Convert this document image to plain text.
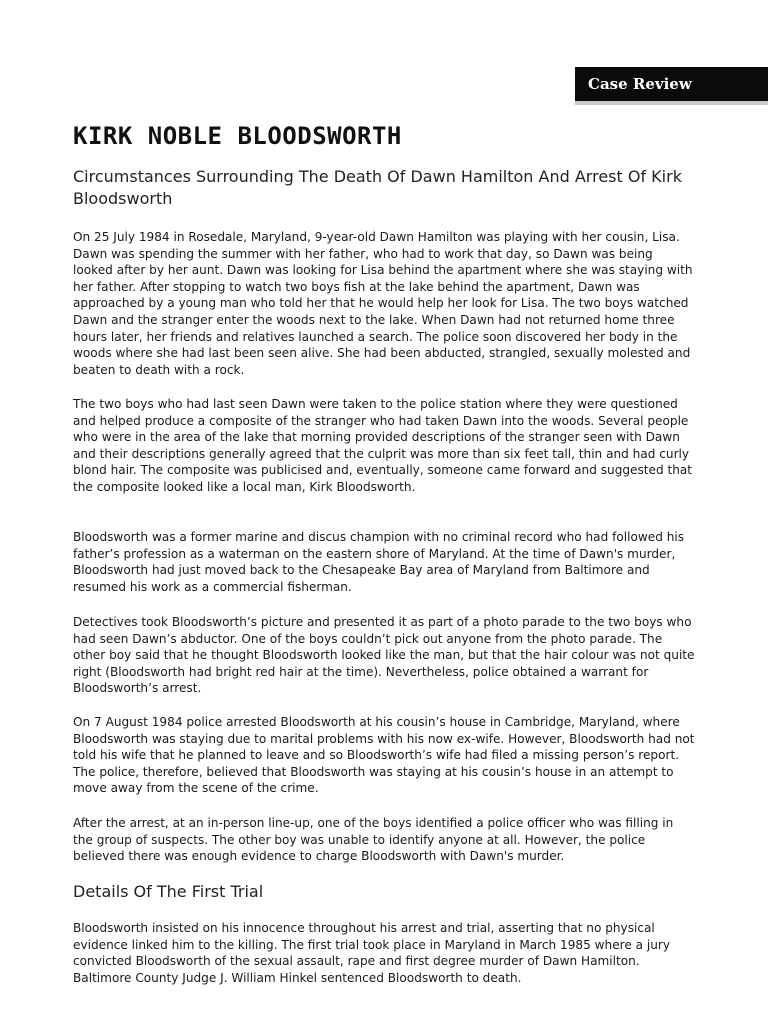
Case Review
KIRK NOBLE BLOODSWORTH
Circumstances Surrounding The Death Of Dawn Hamilton And Arrest Of Kirk Bloodsworth

On 25 July 1984 in Rosedale, Maryland, 9-year-old Dawn Hamilton was playing with her cousin, Lisa. Dawn was spending the summer with her father, who had to work that day, so Dawn was being looked after by her aunt. Dawn was looking for Lisa behind the apartment where she was staying with her father. After stopping to watch two boys fish at the lake behind the apartment, Dawn was approached by a young man who told her that he would help her look for Lisa. The two boys watched Dawn and the stranger enter the woods next to the lake. When Dawn had not returned home three hours later, her friends and relatives launched a search. The police soon discovered her body in the woods where she had last been seen alive. She had been abducted, strangled, sexually molested and beaten to death with a rock.

The two boys who had last seen Dawn were taken to the police station where they were questioned and helped produce a composite of the stranger who had taken Dawn into the woods. Several people who were in the area of the lake that morning provided descriptions of the stranger seen with Dawn and their descriptions generally agreed that the culprit was more than six feet tall, thin and had curly blond hair. The composite was publicised and, eventually, someone came forward and suggested that the composite looked like a local man, Kirk Bloodsworth.

Bloodsworth was a former marine and discus champion with no criminal record who had followed his father’s profession as a waterman on the eastern shore of Maryland. At the time of Dawn's murder, Bloodsworth had just moved back to the Chesapeake Bay area of Maryland from Baltimore and resumed his work as a commercial fisherman.

Detectives took Bloodsworth’s picture and presented it as part of a photo parade to the two boys who had seen Dawn’s abductor. One of the boys couldn’t pick out anyone from the photo parade. The other boy said that he thought Bloodsworth looked like the man, but that the hair colour was not quite right (Bloodsworth had bright red hair at the time). Nevertheless, police obtained a warrant for Bloodsworth’s arrest.

On 7 August 1984 police arrested Bloodsworth at his cousin’s house in Cambridge, Maryland, where Bloodsworth was staying due to marital problems with his now ex-wife. However, Bloodsworth had not told his wife that he planned to leave and so Bloodsworth’s wife had filed a missing person’s report. The police, therefore, believed that Bloodsworth was staying at his cousin’s house in an attempt to move away from the scene of the crime.

After the arrest, at an in-person line-up, one of the boys identified a police officer who was filling in the group of suspects. The other boy was unable to identify anyone at all. However, the police believed there was enough evidence to charge Bloodsworth with Dawn's murder.

Details Of The First Trial

Bloodsworth insisted on his innocence throughout his arrest and trial, asserting that no physical evidence linked him to the killing. The first trial took place in Maryland in March 1985 where a jury convicted Bloodsworth of the sexual assault, rape and first degree murder of Dawn Hamilton. Baltimore County Judge J. William Hinkel sentenced Bloodsworth to death.
